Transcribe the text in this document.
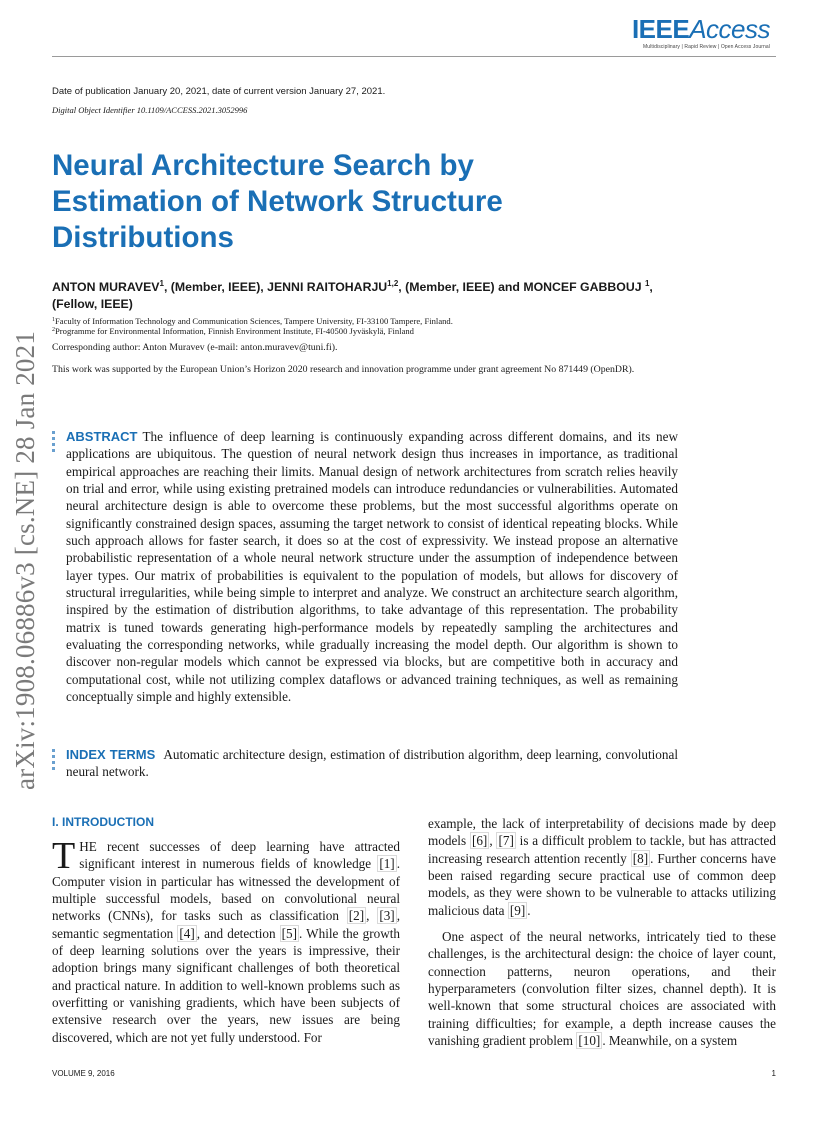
IEEEAccess
Multidisciplinary | Rapid Review | Open Access Journal
arXiv:1908.06886v3 [cs.NE] 28 Jan 2021
Date of publication January 20, 2021, date of current version January 27, 2021.
Digital Object Identifier 10.1109/ACCESS.2021.3052996
Neural Architecture Search by Estimation of Network Structure Distributions

ANTON MURAVEV$^1$, (Member, IEEE), JENNI RAITOHARJU$^{1,2}$, (Member, IEEE) and MONCEF GABBOUJ $^1$, (Fellow, IEEE)

$^1$Faculty of Information Technology and Communication Sciences, Tampere University, FI-33100 Tampere, Finland.
$^2$Programme for Environmental Information, Finnish Environment Institute, FI-40500 Jyväskylä, Finland
Corresponding author: Anton Muravev (e-mail: anton.muravev@tuni.fi).
This work was supported by the European Union’s Horizon 2020 research and innovation programme under grant agreement No 871449 (OpenDR).

ABSTRACT The influence of deep learning is continuously expanding across different domains, and its new applications are ubiquitous. The question of neural network design thus increases in importance, as traditional empirical approaches are reaching their limits. Manual design of network architectures from scratch relies heavily on trial and error, while using existing pretrained models can introduce redundancies or vulnerabilities. Automated neural architecture design is able to overcome these problems, but the most successful algorithms operate on significantly constrained design spaces, assuming the target network to consist of identical repeating blocks. While such approach allows for faster search, it does so at the cost of expressivity. We instead propose an alternative probabilistic representation of a whole neural network structure under the assumption of independence between layer types. Our matrix of probabilities is equivalent to the population of models, but allows for discovery of structural irregularities, while being simple to interpret and analyze. We construct an architecture search algorithm, inspired by the estimation of distribution algorithms, to take advantage of this representation. The probability matrix is tuned towards generating high-performance models by repeatedly sampling the architectures and evaluating the corresponding networks, while gradually increasing the model depth. Our algorithm is shown to discover non-regular models which cannot be expressed via blocks, but are competitive both in accuracy and computational cost, while not utilizing complex dataflows or advanced training techniques, as well as remaining conceptually simple and highly extensible.

INDEX TERMS Automatic architecture design, estimation of distribution algorithm, deep learning, convolutional neural network.

I. INTRODUCTION

THE recent successes of deep learning have attracted significant interest in numerous fields of knowledge [1] . Computer vision in particular has witnessed the development of multiple successful models, based on convolutional neural networks (CNNs), for tasks such as classification [2] , [3] , semantic segmentation [4] , and detection [5] . While the growth of deep learning solutions over the years is impressive, their adoption brings many significant challenges of both theoretical and practical nature. In addition to well-known problems such as overfitting or vanishing gradients, which have been subjects of extensive research over the years, new issues are being discovered, which are not yet fully understood. For

example, the lack of interpretability of decisions made by deep models [6] , [7] is a difficult problem to tackle, but has attracted increasing research attention recently [8] . Further concerns have been raised regarding secure practical use of common deep models, as they were shown to be vulnerable to attacks utilizing malicious data [9] .

One aspect of the neural networks, intricately tied to these challenges, is the architectural design: the choice of layer count, connection patterns, neuron operations, and their hyperparameters (convolution filter sizes, channel depth). It is well-known that some structural choices are associated with training difficulties; for example, a depth increase causes the vanishing gradient problem [10] . Meanwhile, on a system

VOLUME 9, 2016	1
